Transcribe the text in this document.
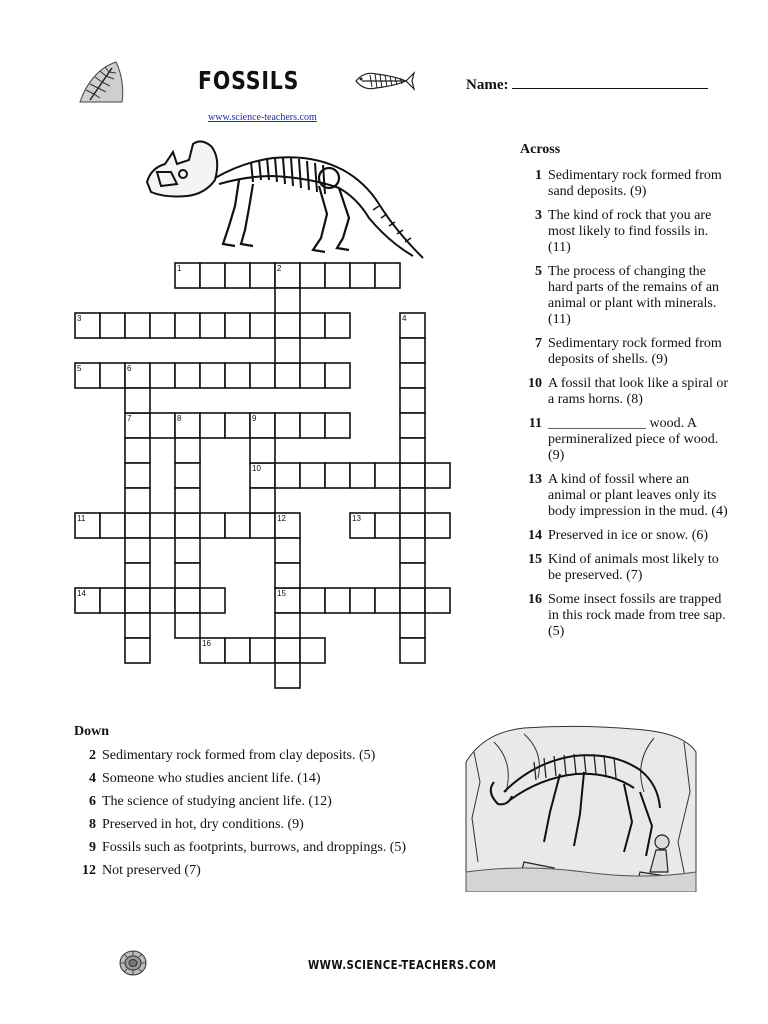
FOSSILS	Name:
www.science-teachers.com
1	2
3
5	6
7	8	9
10
11	12	13
14	15
16
4
Across
1 Sedimentary rock formed from sand deposits. (9)
3 The kind of rock that you are most likely to find fossils in. (11)
5 The process of changing the hard parts of the remains of an animal or plant with minerals. (11)
7 Sedimentary rock formed from deposits of shells. (9)
10 A fossil that look like a spiral or a rams horns. (8)
11 ______________ wood. A permineralized piece of wood. (9)
13 A kind of fossil where an animal or plant leaves only its body impression in the mud. (4)
14 Preserved in ice or snow. (6)
15 Kind of animals most likely to be preserved. (7)
16 Some insect fossils are trapped in this rock made from tree sap. (5)
Down
2 Sedimentary rock formed from clay deposits. (5)
4 Someone who studies ancient life. (14)
6 The science of studying ancient life. (12)
8 Preserved in hot, dry conditions. (9)
9 Fossils such as footprints, burrows, and droppings. (5)
12 Not preserved (7)
WWW.SCIENCE-TEACHERS.COM
